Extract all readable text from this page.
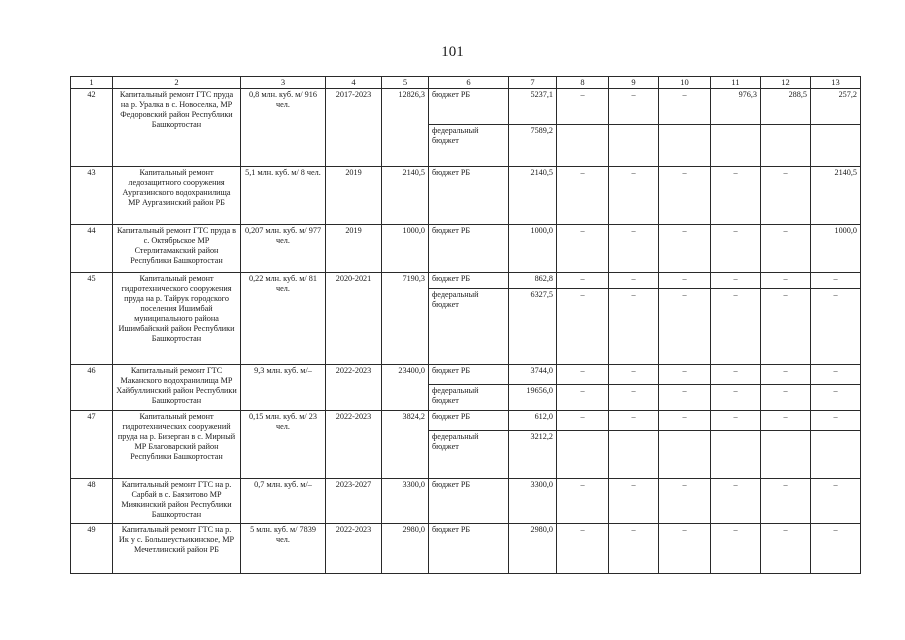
101
1	2	3	4	5	6	7	8	9	10	11	12	13
42	Капитальный ремонт ГТС пруда на р. Уралка в с. Новоселка, МР Федоровский район Республики Башкортостан	0,8 млн. куб. м/ 916 чел.	2017-2023	12826,3	бюджет РБ	5237,1	–	–	–	976,3	288,5	257,2
					федеральный бюджет	7589,2						
43	Капитальный ремонт ледозащитного сооружения Аургазинского водохранилища МР Аургазинский район РБ	5,1 млн. куб. м/ 8 чел.	2019	2140,5	бюджет РБ	2140,5	–	–	–	–	–	2140,5
44	Капитальный ремонт ГТС пруда в с. Октябрьское МР Стерлитамакский район Республики Башкортостан	0,207 млн. куб. м/ 977 чел.	2019	1000,0	бюджет РБ	1000,0	–	–	–	–	–	1000,0
45	Капитальный ремонт гидротехнического сооружения пруда на р. Тайрук городского поселения Ишимбай муниципального района Ишимбайский район Республики Башкортостан	0,22 млн. куб. м/ 81 чел.	2020-2021	7190,3	бюджет РБ	862,8	–	–	–	–	–	–
					федеральный бюджет	6327,5	–	–	–	–	–	–
46	Капитальный ремонт ГТС Маканского водохранилища МР Хайбуллинский район Республики Башкортостан	9,3 млн. куб. м/–	2022-2023	23400,0	бюджет РБ	3744,0	–	–	–	–	–	–
					федеральный бюджет	19656,0	–	–	–	–	–	–
47	Капитальный ремонт гидротехнических сооружений пруда на р. Бизерган в с. Мирный МР Благоварский район Республики Башкортостан	0,15 млн. куб. м/ 23 чел.	2022-2023	3824,2	бюджет РБ	612,0	–	–	–	–	–	–
					федеральный бюджет	3212,2						
48	Капитальный ремонт ГТС на р. Сарбай в с. Баязитово МР Миякинский район Республики Башкортостан	0,7 млн. куб. м/–	2023-2027	3300,0	бюджет РБ	3300,0	–	–	–	–	–	–
49	Капитальный ремонт ГТС на р. Ик у с. Большеустьикинское, МР Мечетлинский район РБ	5 млн. куб. м/ 7839 чел.	2022-2023	2980,0	бюджет РБ	2980,0	–	–	–	–	–	–
